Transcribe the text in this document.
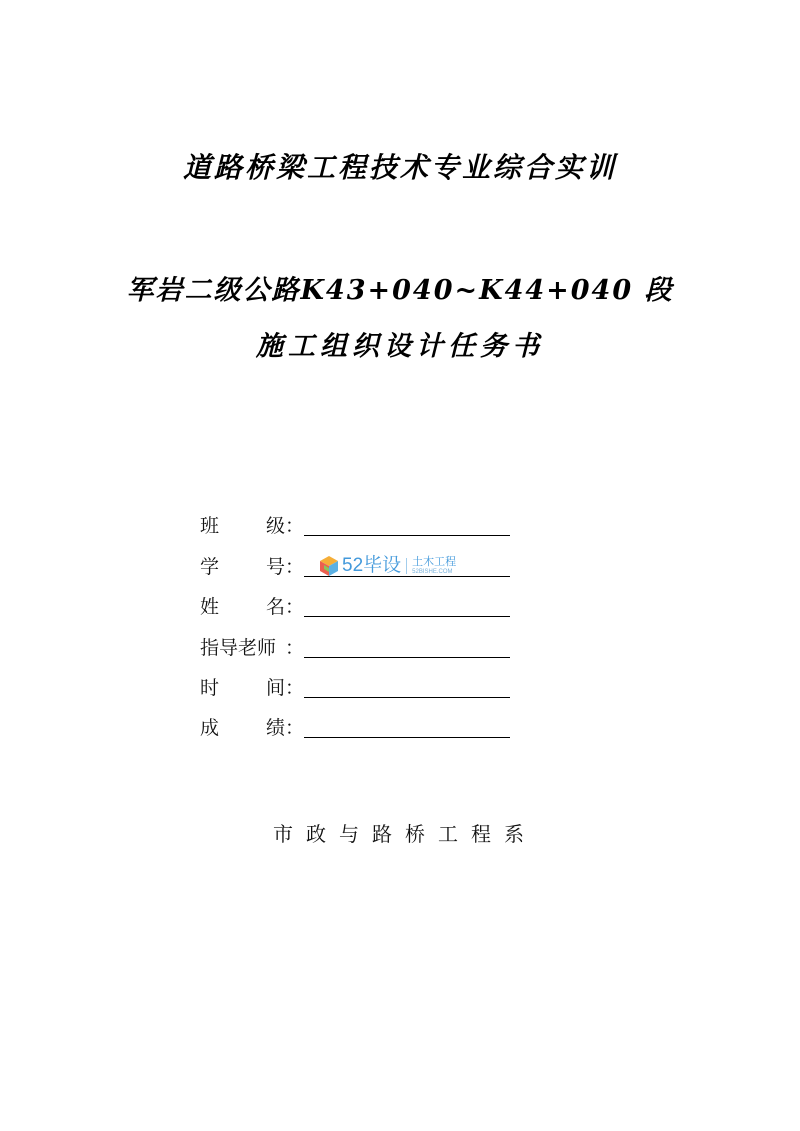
道路桥梁工程技术专业综合实训
军岩二级公路K43+040~K44+040 段
施工组织设计任务书
班 级 ：
学 号 ：
姓 名 ：
指导老师 ：
时 间 ：
成 绩 ：
52毕设 土木工程
52BISHE.COM
市政与路桥工程系
